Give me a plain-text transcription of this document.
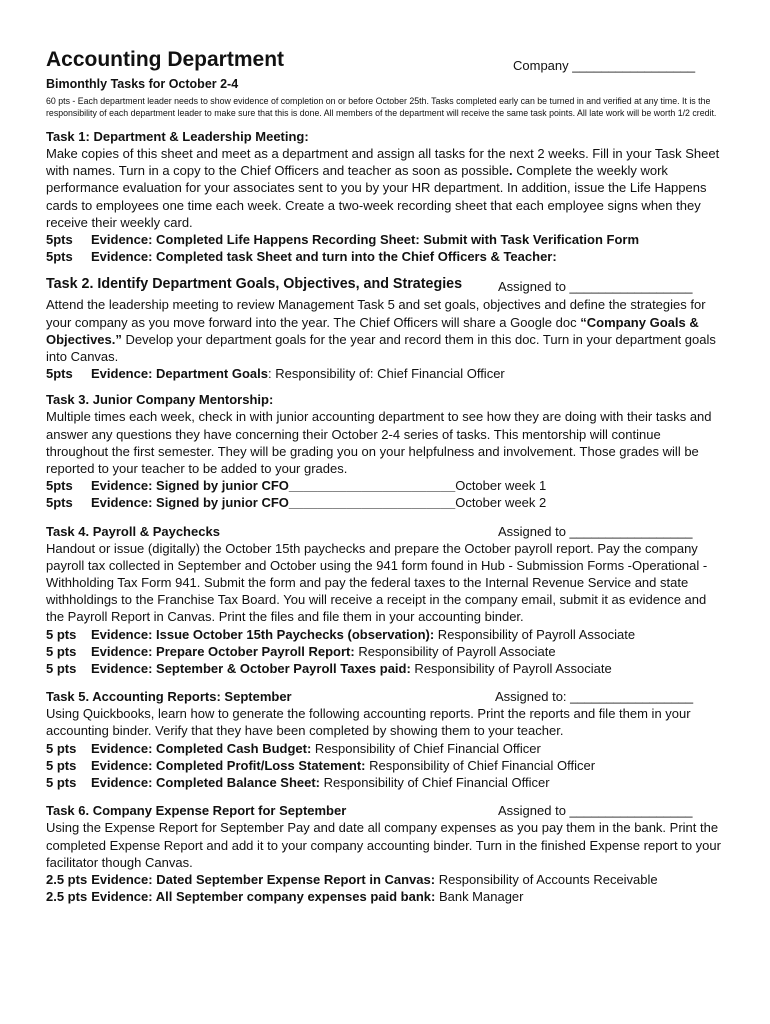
Accounting Department	Company _________________
Bimonthly Tasks for October 2-4
60 pts - Each department leader needs to show evidence of completion on or before October 25th. Tasks completed early can be turned in and verified at any time. It is the responsibility of each department leader to make sure that this is done. All members of the department will receive the same task points. All late work will be worth 1/2 credit.
Task 1: Department & Leadership Meeting:
Make copies of this sheet and meet as a department and assign all tasks for the next 2 weeks. Fill in your Task Sheet with names. Turn in a copy to the Chief Officers and teacher as soon as possible. Complete the weekly work performance evaluation for your associates sent to you by your HR department. In addition, issue the Life Happens cards to employees one time each week. Create a two-week recording sheet that each employee signs when they receive their weekly card.
5pts Evidence: Completed Life Happens Recording Sheet: Submit with Task Verification Form
5pts Evidence: Completed task Sheet and turn into the Chief Officers & Teacher:
Task 2. Identify Department Goals, Objectives, and Strategies	Assigned to _________________
Attend the leadership meeting to review Management Task 5 and set goals, objectives and define the strategies for your company as you move forward into the year. The Chief Officers will share a Google doc “Company Goals & Objectives.” Develop your department goals for the year and record them in this doc. Turn in your department goals into Canvas.
5pts Evidence: Department Goals: Responsibility of: Chief Financial Officer
Task 3. Junior Company Mentorship:
Multiple times each week, check in with junior accounting department to see how they are doing with their tasks and answer any questions they have concerning their October 2-4 series of tasks. This mentorship will continue throughout the first semester. They will be grading you on your helpfulness and involvement. Those grades will be reported to your teacher to be added to your grades.
5pts Evidence: Signed by junior CFO_______________________October week 1
5pts Evidence: Signed by junior CFO_______________________October week 2
Task 4. Payroll & Paychecks	Assigned to _________________
Handout or issue (digitally) the October 15th paychecks and prepare the October payroll report. Pay the company payroll tax collected in September and October using the 941 form found in Hub - Submission Forms -Operational - Withholding Tax Form 941. Submit the form and pay the federal taxes to the Internal Revenue Service and state withholdings to the Franchise Tax Board. You will receive a receipt in the company email, submit it as evidence and the Payroll Report in Canvas. Print the files and file them in your accounting binder.
5 pts Evidence: Issue October 15th Paychecks (observation): Responsibility of Payroll Associate
5 pts Evidence: Prepare October Payroll Report: Responsibility of Payroll Associate
5 pts Evidence: September & October Payroll Taxes paid: Responsibility of Payroll Associate
Task 5. Accounting Reports: September	Assigned to: _________________
Using Quickbooks, learn how to generate the following accounting reports. Print the reports and file them in your accounting binder. Verify that they have been completed by showing them to your teacher.
5 pts Evidence: Completed Cash Budget: Responsibility of Chief Financial Officer
5 pts Evidence: Completed Profit/Loss Statement: Responsibility of Chief Financial Officer
5 pts Evidence: Completed Balance Sheet: Responsibility of Chief Financial Officer
Task 6. Company Expense Report for September	Assigned to _________________
Using the Expense Report for September Pay and date all company expenses as you pay them in the bank. Print the completed Expense Report and add it to your company accounting binder. Turn in the finished Expense report to your facilitator though Canvas.
2.5 pts Evidence: Dated September Expense Report in Canvas: Responsibility of Accounts Receivable
2.5 pts Evidence: All September company expenses paid bank: Bank Manager
